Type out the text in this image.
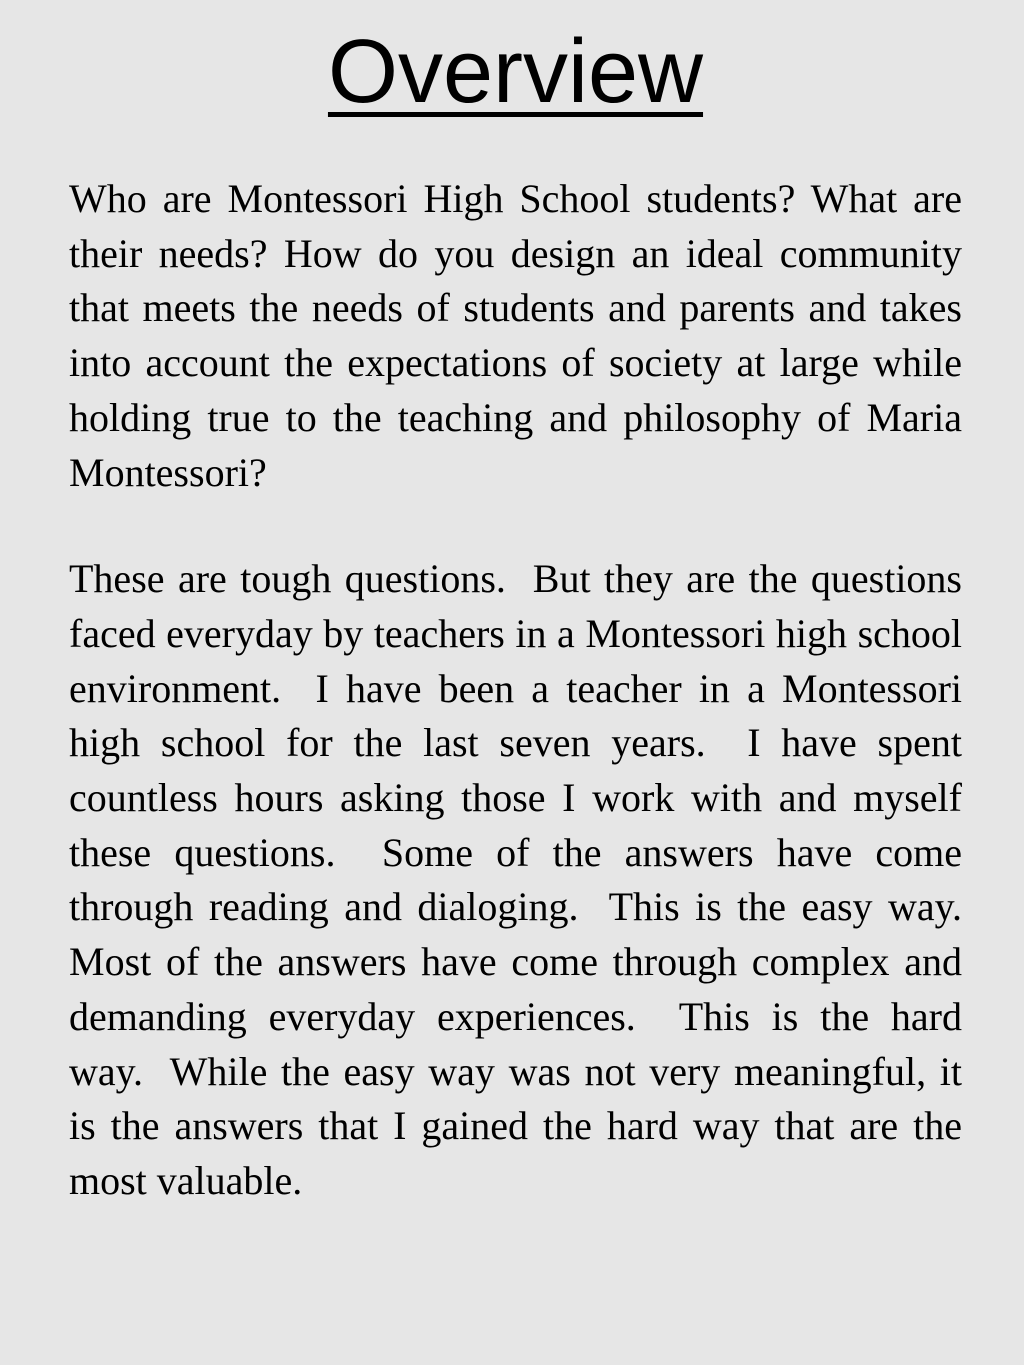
Overview

Who are Montessori High School students? What are their needs? How do you design an ideal community that meets the needs of students and parents and takes into account the expectations of society at large while holding true to the teaching and philosophy of Maria Montessori?

These are tough questions.  But they are the questions faced everyday by teachers in a Montessori high school environment.  I have been a teacher in a Montessori high school for the last seven years.  I have spent countless hours asking those I work with and myself these questions.  Some of the answers have come through reading and dialoging.  This is the easy way.  Most of the answers have come through complex and demanding everyday experiences.  This is the hard way.  While the easy way was not very meaningful, it is the answers that I gained the hard way that are the most valuable.
